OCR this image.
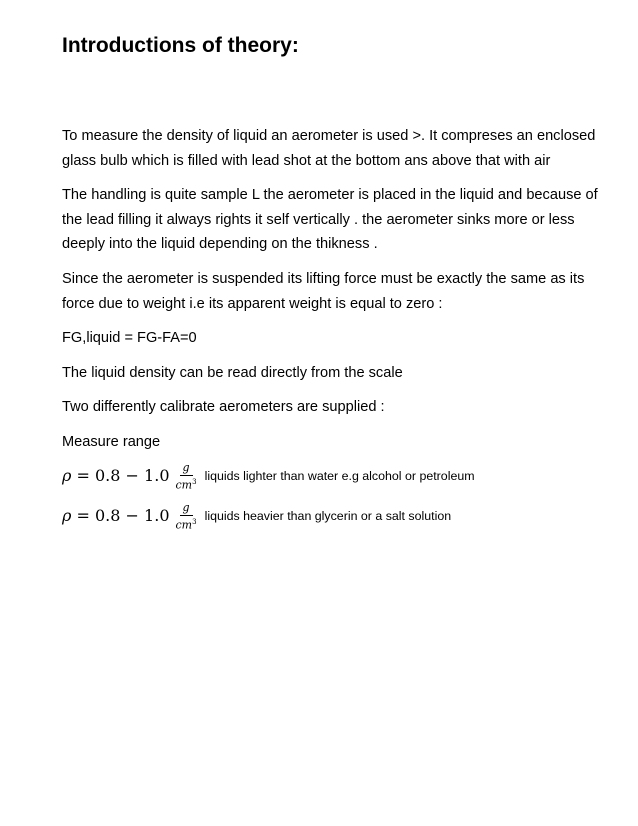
Introductions of theory:

To measure the density of liquid an aerometer is used >. It compreses an enclosed glass bulb which is filled with lead shot at the bottom ans above that with air

The handling is quite sample L the aerometer is placed in the liquid and because of the lead filling it always rights it self vertically . the aerometer sinks more or less deeply into the liquid depending on the thikness .

Since the aerometer is suspended its lifting force must be exactly the same as its force due to weight i.e its apparent weight is equal to zero :

FG,liquid = FG-FA=0

The liquid density can be read directly from the scale

Two differently calibrate aerometers are supplied :

Measure range

$\rho = 0.8 - 1.0 \frac{g}{cm^3}$ liquids lighter than water e.g alcohol or petroleum
$\rho = 0.8 - 1.0 \frac{g}{cm^3}$ liquids heavier than glycerin or a salt solution
